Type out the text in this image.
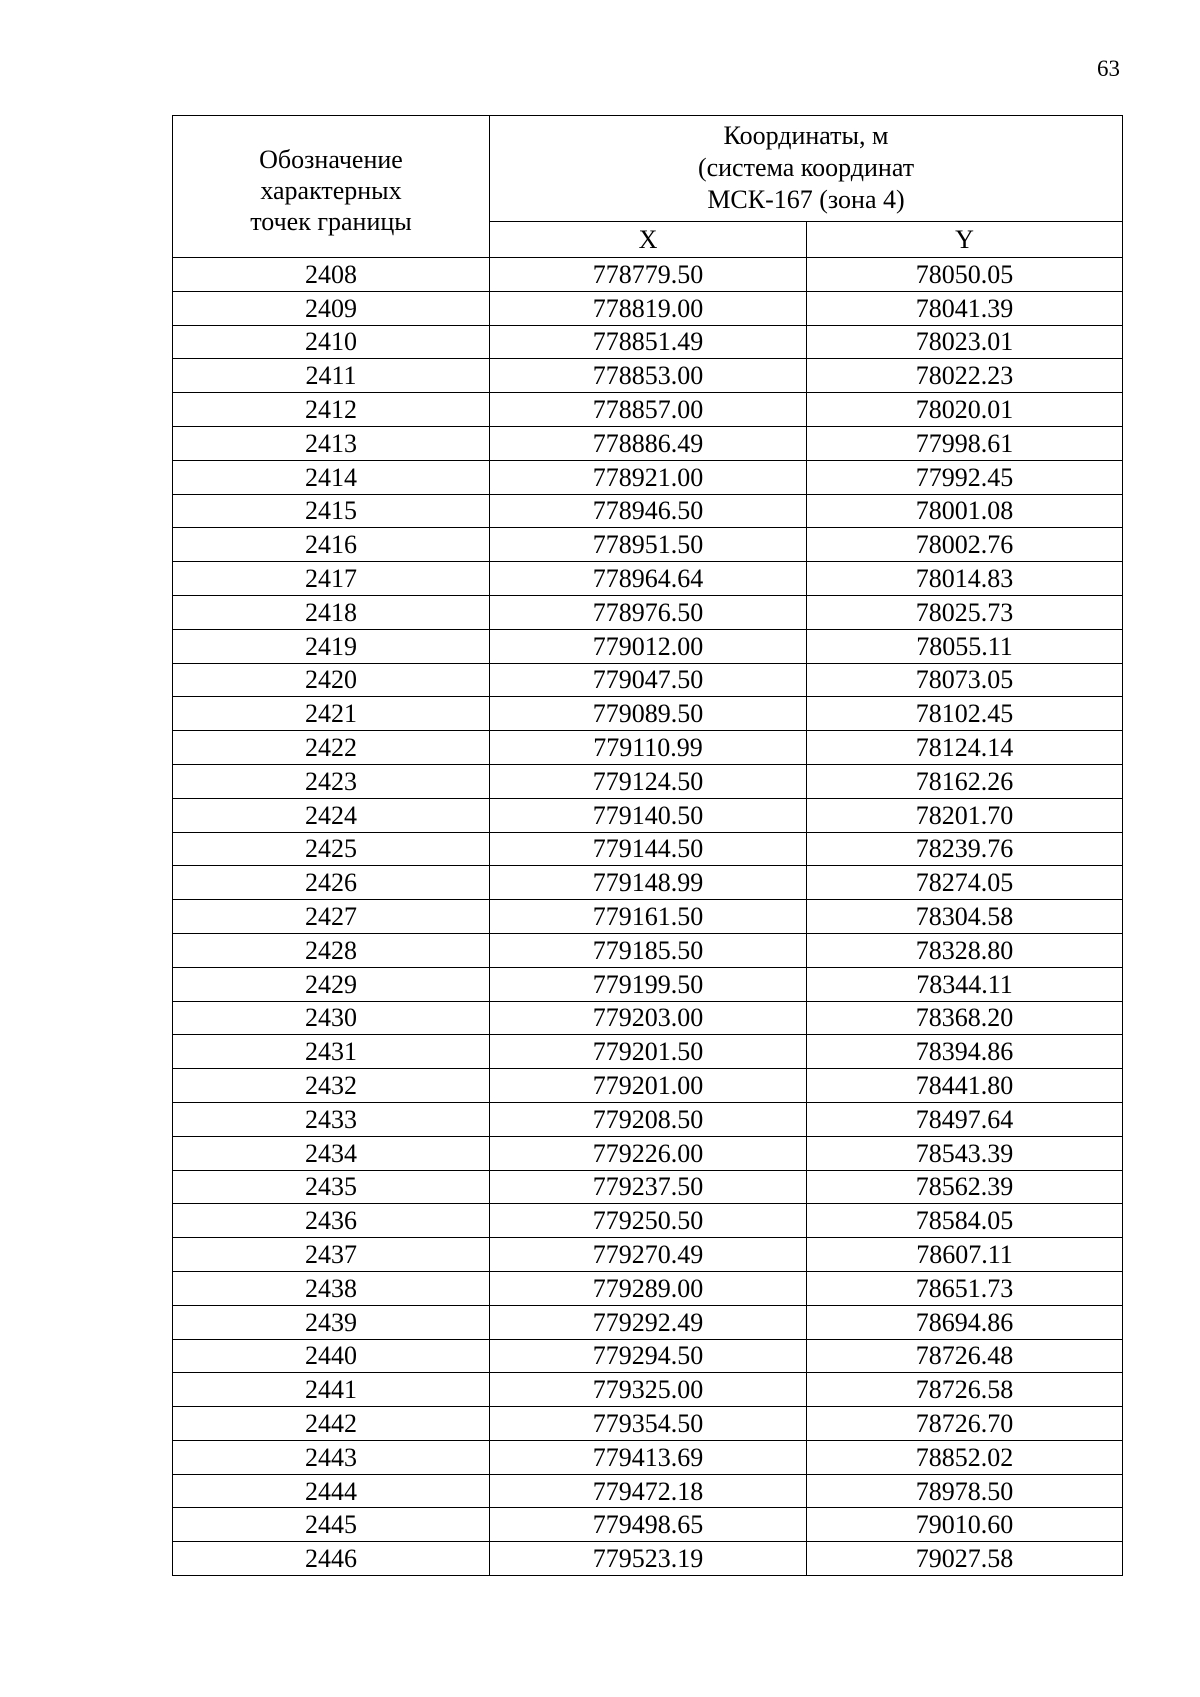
63
Обозначение
характерных
точек границы	Координаты, м
(система координат
МСК-167 (зона 4)	

	X	Y
2408	778779.50	78050.05
2409	778819.00	78041.39
2410	778851.49	78023.01
2411	778853.00	78022.23
2412	778857.00	78020.01
2413	778886.49	77998.61
2414	778921.00	77992.45
2415	778946.50	78001.08
2416	778951.50	78002.76
2417	778964.64	78014.83
2418	778976.50	78025.73
2419	779012.00	78055.11
2420	779047.50	78073.05
2421	779089.50	78102.45
2422	779110.99	78124.14
2423	779124.50	78162.26
2424	779140.50	78201.70
2425	779144.50	78239.76
2426	779148.99	78274.05
2427	779161.50	78304.58
2428	779185.50	78328.80
2429	779199.50	78344.11
2430	779203.00	78368.20
2431	779201.50	78394.86
2432	779201.00	78441.80
2433	779208.50	78497.64
2434	779226.00	78543.39
2435	779237.50	78562.39
2436	779250.50	78584.05
2437	779270.49	78607.11
2438	779289.00	78651.73
2439	779292.49	78694.86
2440	779294.50	78726.48
2441	779325.00	78726.58
2442	779354.50	78726.70
2443	779413.69	78852.02
2444	779472.18	78978.50
2445	779498.65	79010.60
2446	779523.19	79027.58
